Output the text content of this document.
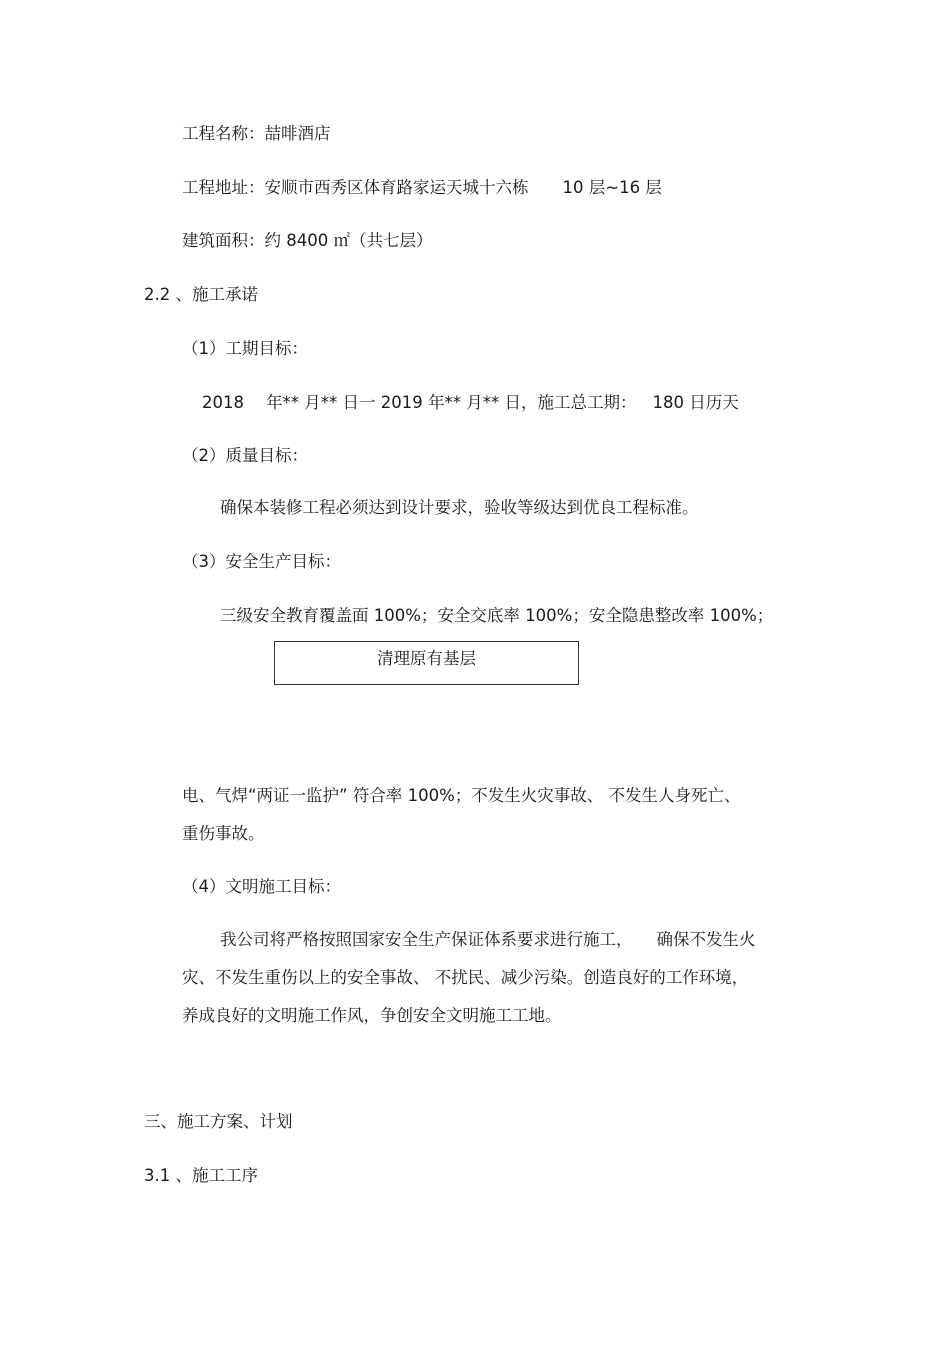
工程名称：喆啡酒店

工程地址：安顺市西秀区体育路家运天城十六栋 10 层~16 层

建筑面积：约 8400 ㎡（共七层）

2.2 、施工承诺

（1）工期目标：

2018 年** 月** 日一 2019 年** 月** 日，施工总工期： 180 日历天

（2）质量目标：

确保本装修工程必须达到设计要求，验收等级达到优良工程标准。

（3）安全生产目标：

三级安全教育覆盖面 100%；安全交底率 100%；安全隐患整改率 100%；

清理原有基层

电、气焊“两证一监护” 符合率 100%；不发生火灾事故、 不发生人身死亡、

重伤事故。

（4）文明施工目标：

我公司将严格按照国家安全生产保证体系要求进行施工， 确保不发生火

灾、不发生重伤以上的安全事故、 不扰民、减少污染。创造良好的工作环境，

养成良好的文明施工作风，争创安全文明施工工地。

三、施工方案、计划

3.1 、施工工序
